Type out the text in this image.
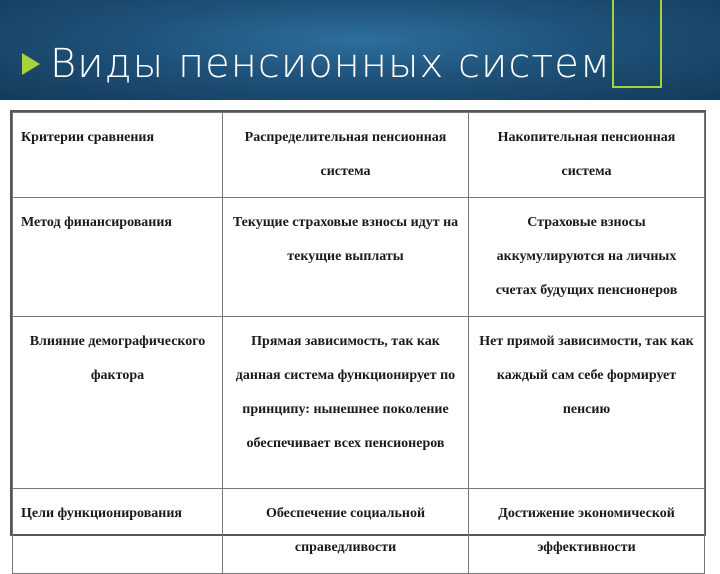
Виды пенсионных систем
Критерии сравнения	Распределительная пенсионная система	Накопительная пенсионная система
Метод финансирования	Текущие страховые взносы идут на текущие выплаты	Страховые взносы аккумулируются на личных счетах будущих пенсионеров
Влияние демографического фактора	Прямая зависимость, так как данная система функционирует по принципу: нынешнее поколение обеспечивает всех пенсионеров	Нет прямой зависимости, так как каждый сам себе формирует пенсию
Цели функционирования	Обеспечение социальной справедливости	Достижение экономической эффективности
